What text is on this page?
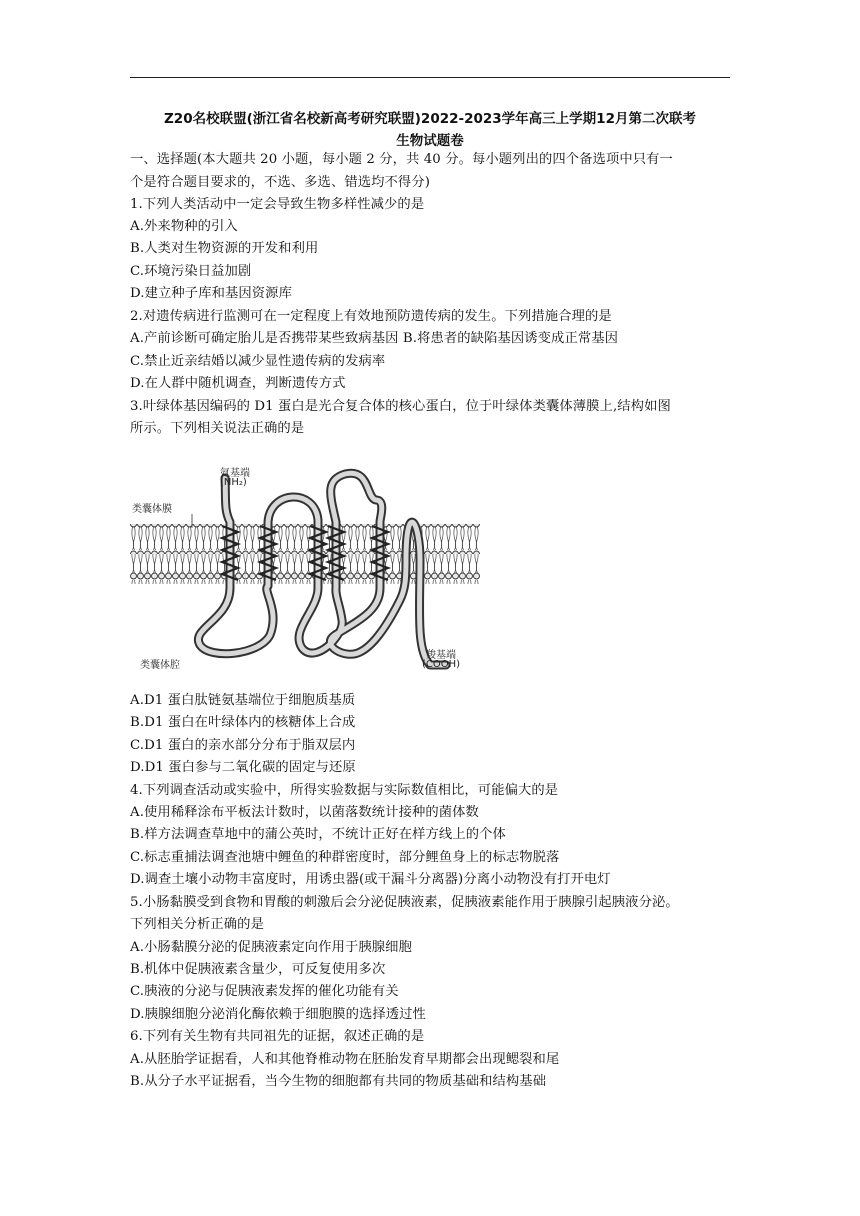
Z20名校联盟(浙江省名校新高考研究联盟)2022-2023学年高三上学期12月第二次联考
生物试题卷
一、选择题(本大题共 20 小题，每小题 2 分，共 40 分。每小题列出的四个备选项中只有一
个是符合题目要求的，不选、多选、错选均不得分)
1.下列人类活动中一定会导致生物多样性减少的是
A.外来物种的引入
B.人类对生物资源的开发和利用
C.环境污染日益加剧
D.建立种子库和基因资源库
2.对遗传病进行监测可在一定程度上有效地预防遗传病的发生。下列措施合理的是
A.产前诊断可确定胎儿是否携带某些致病基因 B.将患者的缺陷基因诱变成正常基因
C.禁止近亲结婚以减少显性遗传病的发病率
D.在人群中随机调查，判断遗传方式
3.叶绿体基因编码的 D1 蛋白是光合复合体的核心蛋白，位于叶绿体类囊体薄膜上,结构如图
所示。下列相关说法正确的是
氨基端
(NH₂)
类囊体膜
类囊体腔
羧基端
(COOH)
A.D1 蛋白肽链氨基端位于细胞质基质
B.D1 蛋白在叶绿体内的核糖体上合成
C.D1 蛋白的亲水部分分布于脂双层内
D.D1 蛋白参与二氧化碳的固定与还原
4.下列调查活动或实验中，所得实验数据与实际数值相比，可能偏大的是
A.使用稀释涂布平板法计数时，以菌落数统计接种的菌体数
B.样方法调查草地中的蒲公英时，不统计正好在样方线上的个体
C.标志重捕法调查池塘中鲤鱼的种群密度时，部分鲤鱼身上的标志物脱落
D.调查土壤小动物丰富度时，用诱虫器(或干漏斗分离器)分离小动物没有打开电灯
5.小肠黏膜受到食物和胃酸的刺激后会分泌促胰液素，促胰液素能作用于胰腺引起胰液分泌。
下列相关分析正确的是
A.小肠黏膜分泌的促胰液素定向作用于胰腺细胞
B.机体中促胰液素含量少，可反复使用多次
C.胰液的分泌与促胰液素发挥的催化功能有关
D.胰腺细胞分泌消化酶依赖于细胞膜的选择透过性
6.下列有关生物有共同祖先的证据，叙述正确的是
A.从胚胎学证据看，人和其他脊椎动物在胚胎发育早期都会出现鳃裂和尾
B.从分子水平证据看，当今生物的细胞都有共同的物质基础和结构基础
